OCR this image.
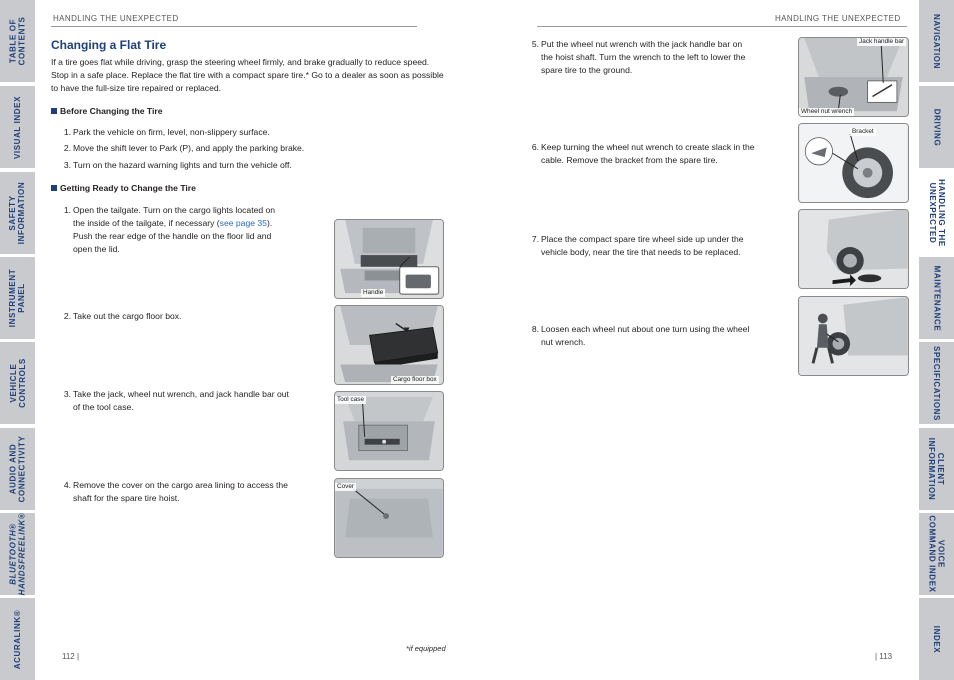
TABLE OF
CONTENTS
VISUAL INDEX
SAFETY
INFORMATION
INSTRUMENT
PANEL
VEHICLE
CONTROLS
AUDIO AND
CONNECTIVITY
BLUETOOTH®
HANDSFREELINK®
ACURALINK®
NAVIGATION
DRIVING
HANDLING THE
UNEXPECTED
MAINTENANCE
SPECIFICATIONS
CLIENT
INFORMATION
VOICE
COMMAND INDEX
INDEX
HANDLING THE UNEXPECTED	HANDLING THE UNEXPECTED
Changing a Flat Tire

If a tire goes flat while driving, grasp the steering wheel firmly, and brake gradually to reduce speed. Stop in a safe place. Replace the flat tire with a compact spare tire.* Go to a dealer as soon as possible to have the full-size tire repaired or replaced.

Before Changing the Tire
1. Park the vehicle on firm, level, non-slippery surface.
2. Move the shift lever to Park (P), and apply the parking brake.
3. Turn on the hazard warning lights and turn the vehicle off.
Getting Ready to Change the Tire
1. Open the tailgate. Turn on the cargo lights located on
the inside of the tailgate, if necessary (see page 35).
Push the rear edge of the handle on the floor lid and
open the lid.
Handle
2. Take out the cargo floor box.
Cargo floor box
3. Take the jack, wheel nut wrench, and jack handle bar out
of the tool case.
Tool case
4. Remove the cover on the cargo area lining to access the
shaft for the spare tire hoist.
Cover
5. Put the wheel nut wrench with the jack handle bar on
the hoist shaft. Turn the wrench to the left to lower the
spare tire to the ground.
Jack handle bar
Wheel nut wrench
6. Keep turning the wheel nut wrench to create slack in the
cable. Remove the bracket from the spare tire.
Bracket
7. Place the compact spare tire wheel side up under the
vehicle body, near the tire that needs to be replaced.
8. Loosen each wheel nut about one turn using the wheel
nut wrench.
112 |	| 113
*if equipped
